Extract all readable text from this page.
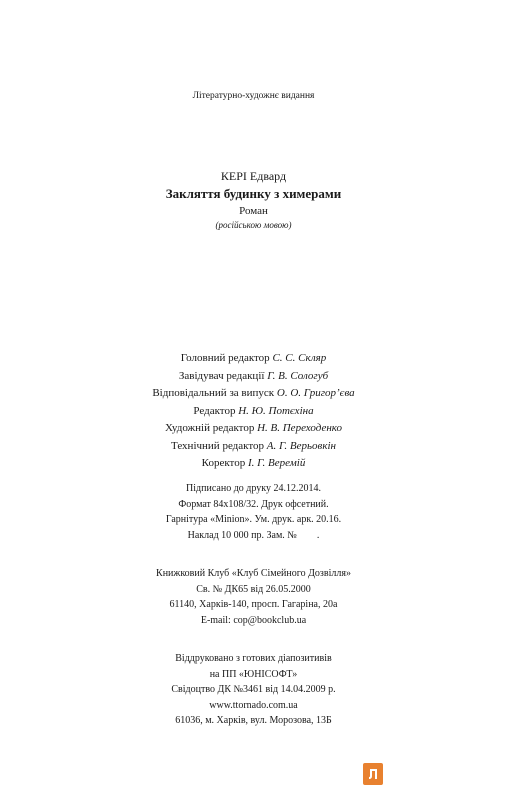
Літературно-художнє видання
КЕРІ Едвард
Закляття будинку з химерами
Роман
(російською мовою)
Головний редактор С. С. Скляр
Завідувач редакції Г. В. Сологуб
Відповідальний за випуск О. О. Григор’єва
Редактор Н. Ю. Потєхіна
Художній редактор Н. В. Переходенко
Технічний редактор А. Г. Верьовкін
Коректор І. Г. Веремій
Підписано до друку 24.12.2014.
Формат 84x108/32. Друк офсетний.
Гарнітура «Minion». Ум. друк. арк. 20.16.
Наклад 10 000 пр. Зам. №        .
Книжковий Клуб «Клуб Сімейного Дозвілля»
Св. № ДК65 від 26.05.2000
61140, Харків-140, просп. Гагаріна, 20а
E-mail: cop@bookclub.ua
Віддруковано з готових діапозитивів
на ПП «ЮНІСОФТ»
Свідоцтво ДК №3461 від 14.04.2009 р.
www.ttornado.com.ua
61036, м. Харків, вул. Морозова, 13Б
